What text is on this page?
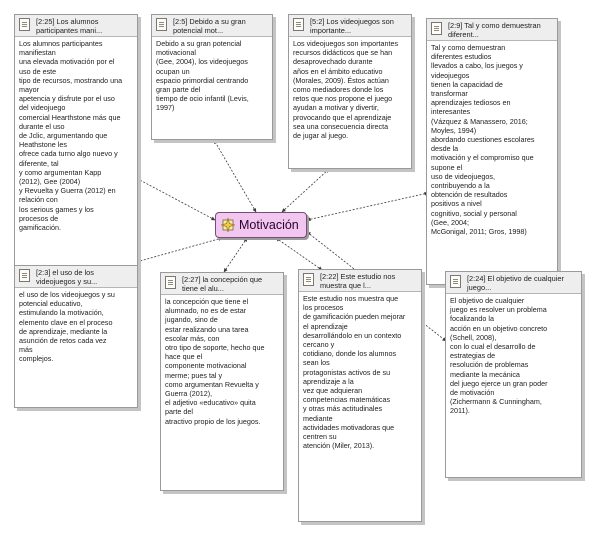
[2:25] Los alumnos participantes mani...
Los alumnos participantes
manifiestan
una elevada motivación por el
uso de este
tipo de recursos, mostrando una
mayor
apetencia y disfrute por el uso
del videojuego
comercial Hearthstone más que
durante el uso
de Jclic, argumentando que
Heathstone les
ofrece cada turno algo nuevo y
diferente, tal
y como argumentan Kapp
(2012), Gee (2004)
y Revuelta y Guerra (2012) en
relación con
los serious games y los
procesos de
gamificación.
[2:5] Debido a su gran potencial mot...
Debido a su gran potencial
motivacional
(Gee, 2004), los videojuegos
ocupan un
espacio primordial centrando
gran parte del
tiempo de ocio infantil (Levis,
1997)
[5:2] Los videojuegos son importante...
Los videojuegos son importantes
recursos didácticos que se han
desaprovechado durante
años en el ámbito educativo
(Morales, 2009). Éstos actúan
como mediadores donde los
retos que nos propone el juego
ayudan a motivar y divertir,
provocando que el aprendizaje
sea una consecuencia directa
de jugar al juego.
[2:9] Tal y como demuestran diferent...
Tal y como demuestran
diferentes estudios
llevados a cabo, los juegos y
videojuegos
tienen la capacidad de
transformar
aprendizajes tediosos en
interesantes
(Vázquez & Manassero, 2016;
Moyles, 1994)
abordando cuestiones escolares
desde la
motivación y el compromiso que
supone el
uso de videojuegos,
contribuyendo a la
obtención de resultados
positivos a nivel
cognitivo, social y personal
(Gee, 2004;
McGonigal, 2011; Gros, 1998)
[2:3] el uso de los videojuegos y su...
el uso de los videojuegos y su
potencial educativo,
estimulando la motivación,
elemento clave en el proceso
de aprendizaje, mediante la
asunción de retos cada vez
más
complejos.
[2:27] la concepción que tiene el alu...
la concepción que tiene el
alumnado, no es de estar
jugando, sino de
estar realizando una tarea
escolar más, con
otro tipo de soporte, hecho que
hace que el
componente motivacional
merme; pues tal y
como argumentan Revuelta y
Guerra (2012),
el adjetivo «educativo» quita
parte del
atractivo propio de los juegos.
[2:22] Este estudio nos muestra que l...
Este estudio nos muestra que
los procesos
de gamificación pueden mejorar
el aprendizaje
desarrollándolo en un contexto
cercano y
cotidiano, donde los alumnos
sean los
protagonistas activos de su
aprendizaje a la
vez que adquieran
competencias matemáticas
y otras más actitudinales
mediante
actividades motivadoras que
centren su
atención (Miler, 2013).
[2:24] El objetivo de cualquier juego...
El objetivo de cualquier
juego es resolver un problema
focalizando la
acción en un objetivo concreto
(Schell, 2008),
con lo cual el desarrollo de
estrategias de
resolución de problemas
mediante la mecánica
del juego ejerce un gran poder
de motivación
(Zichermann & Cunningham,
2011).
Motivación
